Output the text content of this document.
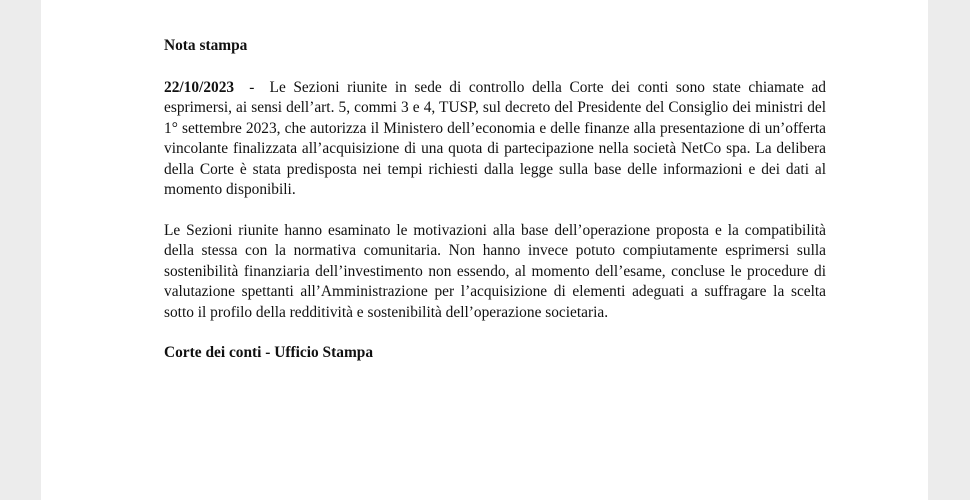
Nota stampa

22/10/2023  -  Le Sezioni riunite in sede di controllo della Corte dei conti sono state chiamate ad esprimersi, ai sensi dell’art. 5, commi 3 e 4, TUSP, sul decreto del Presidente del Consiglio dei ministri del 1° settembre 2023, che autorizza il Ministero dell’economia e delle finanze alla presentazione di un’offerta vincolante finalizzata all’acquisizione di una quota di partecipazione nella società NetCo spa. La delibera della Corte è stata predisposta nei tempi richiesti dalla legge sulla base delle informazioni e dei dati al momento disponibili.

Le Sezioni riunite hanno esaminato le motivazioni alla base dell’operazione proposta e la compatibilità della stessa con la normativa comunitaria. Non hanno invece potuto compiutamente esprimersi sulla sostenibilità finanziaria dell’investimento non essendo, al momento dell’esame, concluse le procedure di valutazione spettanti all’Amministrazione per l’acquisizione di elementi adeguati a suffragare la scelta sotto il profilo della redditività e sostenibilità dell’operazione societaria.

Corte dei conti - Ufficio Stampa
